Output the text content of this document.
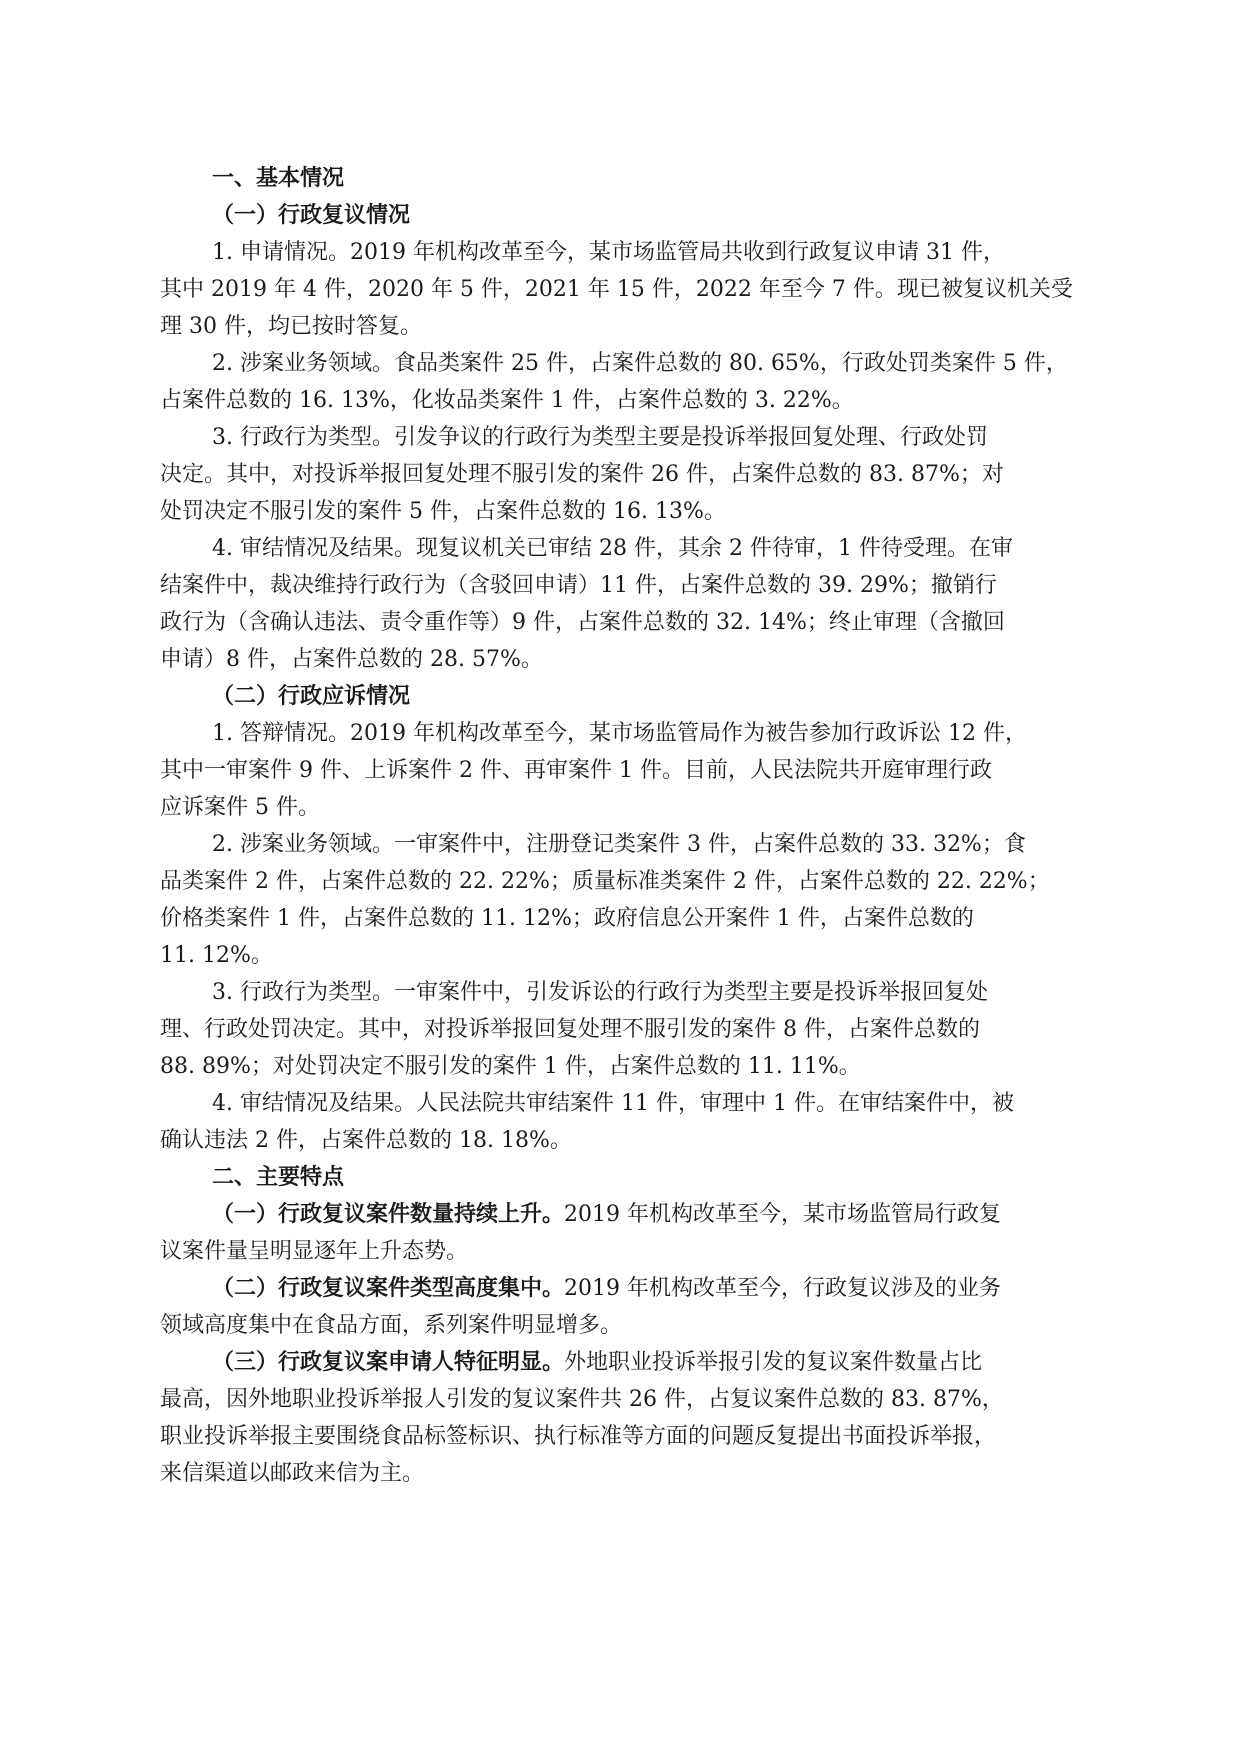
一、基本情况
（一）行政复议情况
1. 申请情况。2019 年机构改革至今，某市场监管局共收到行政复议申请 31 件，
其中 2019 年 4 件，2020 年 5 件，2021 年 15 件，2022 年至今 7 件。现已被复议机关受
理 30 件，均已按时答复。
2. 涉案业务领域。食品类案件 25 件，占案件总数的 80. 65%，行政处罚类案件 5 件，
占案件总数的 16. 13%，化妆品类案件 1 件，占案件总数的 3. 22%。
3. 行政行为类型。引发争议的行政行为类型主要是投诉举报回复处理、行政处罚
决定。其中，对投诉举报回复处理不服引发的案件 26 件，占案件总数的 83. 87%；对
处罚决定不服引发的案件 5 件，占案件总数的 16. 13%。
4. 审结情况及结果。现复议机关已审结 28 件，其余 2 件待审，1 件待受理。在审
结案件中，裁决维持行政行为（含驳回申请）11 件，占案件总数的 39. 29%；撤销行
政行为（含确认违法、责令重作等）9 件，占案件总数的 32. 14%；终止审理（含撤回
申请）8 件，占案件总数的 28. 57%。
（二）行政应诉情况
1. 答辩情况。2019 年机构改革至今，某市场监管局作为被告参加行政诉讼 12 件，
其中一审案件 9 件、上诉案件 2 件、再审案件 1 件。目前，人民法院共开庭审理行政
应诉案件 5 件。
2. 涉案业务领域。一审案件中，注册登记类案件 3 件，占案件总数的 33. 32%；食
品类案件 2 件，占案件总数的 22. 22%；质量标准类案件 2 件，占案件总数的 22. 22%；
价格类案件 1 件，占案件总数的 11. 12%；政府信息公开案件 1 件，占案件总数的
11. 12%。
3. 行政行为类型。一审案件中，引发诉讼的行政行为类型主要是投诉举报回复处
理、行政处罚决定。其中，对投诉举报回复处理不服引发的案件 8 件，占案件总数的
88. 89%；对处罚决定不服引发的案件 1 件，占案件总数的 11. 11%。
4. 审结情况及结果。人民法院共审结案件 11 件，审理中 1 件。在审结案件中，被
确认违法 2 件，占案件总数的 18. 18%。
二、主要特点
（一）行政复议案件数量持续上升。2019 年机构改革至今，某市场监管局行政复
议案件量呈明显逐年上升态势。
（二）行政复议案件类型高度集中。2019 年机构改革至今，行政复议涉及的业务
领域高度集中在食品方面，系列案件明显增多。
（三）行政复议案申请人特征明显。外地职业投诉举报引发的复议案件数量占比
最高，因外地职业投诉举报人引发的复议案件共 26 件，占复议案件总数的 83. 87%，
职业投诉举报主要围绕食品标签标识、执行标准等方面的问题反复提出书面投诉举报，
来信渠道以邮政来信为主。
